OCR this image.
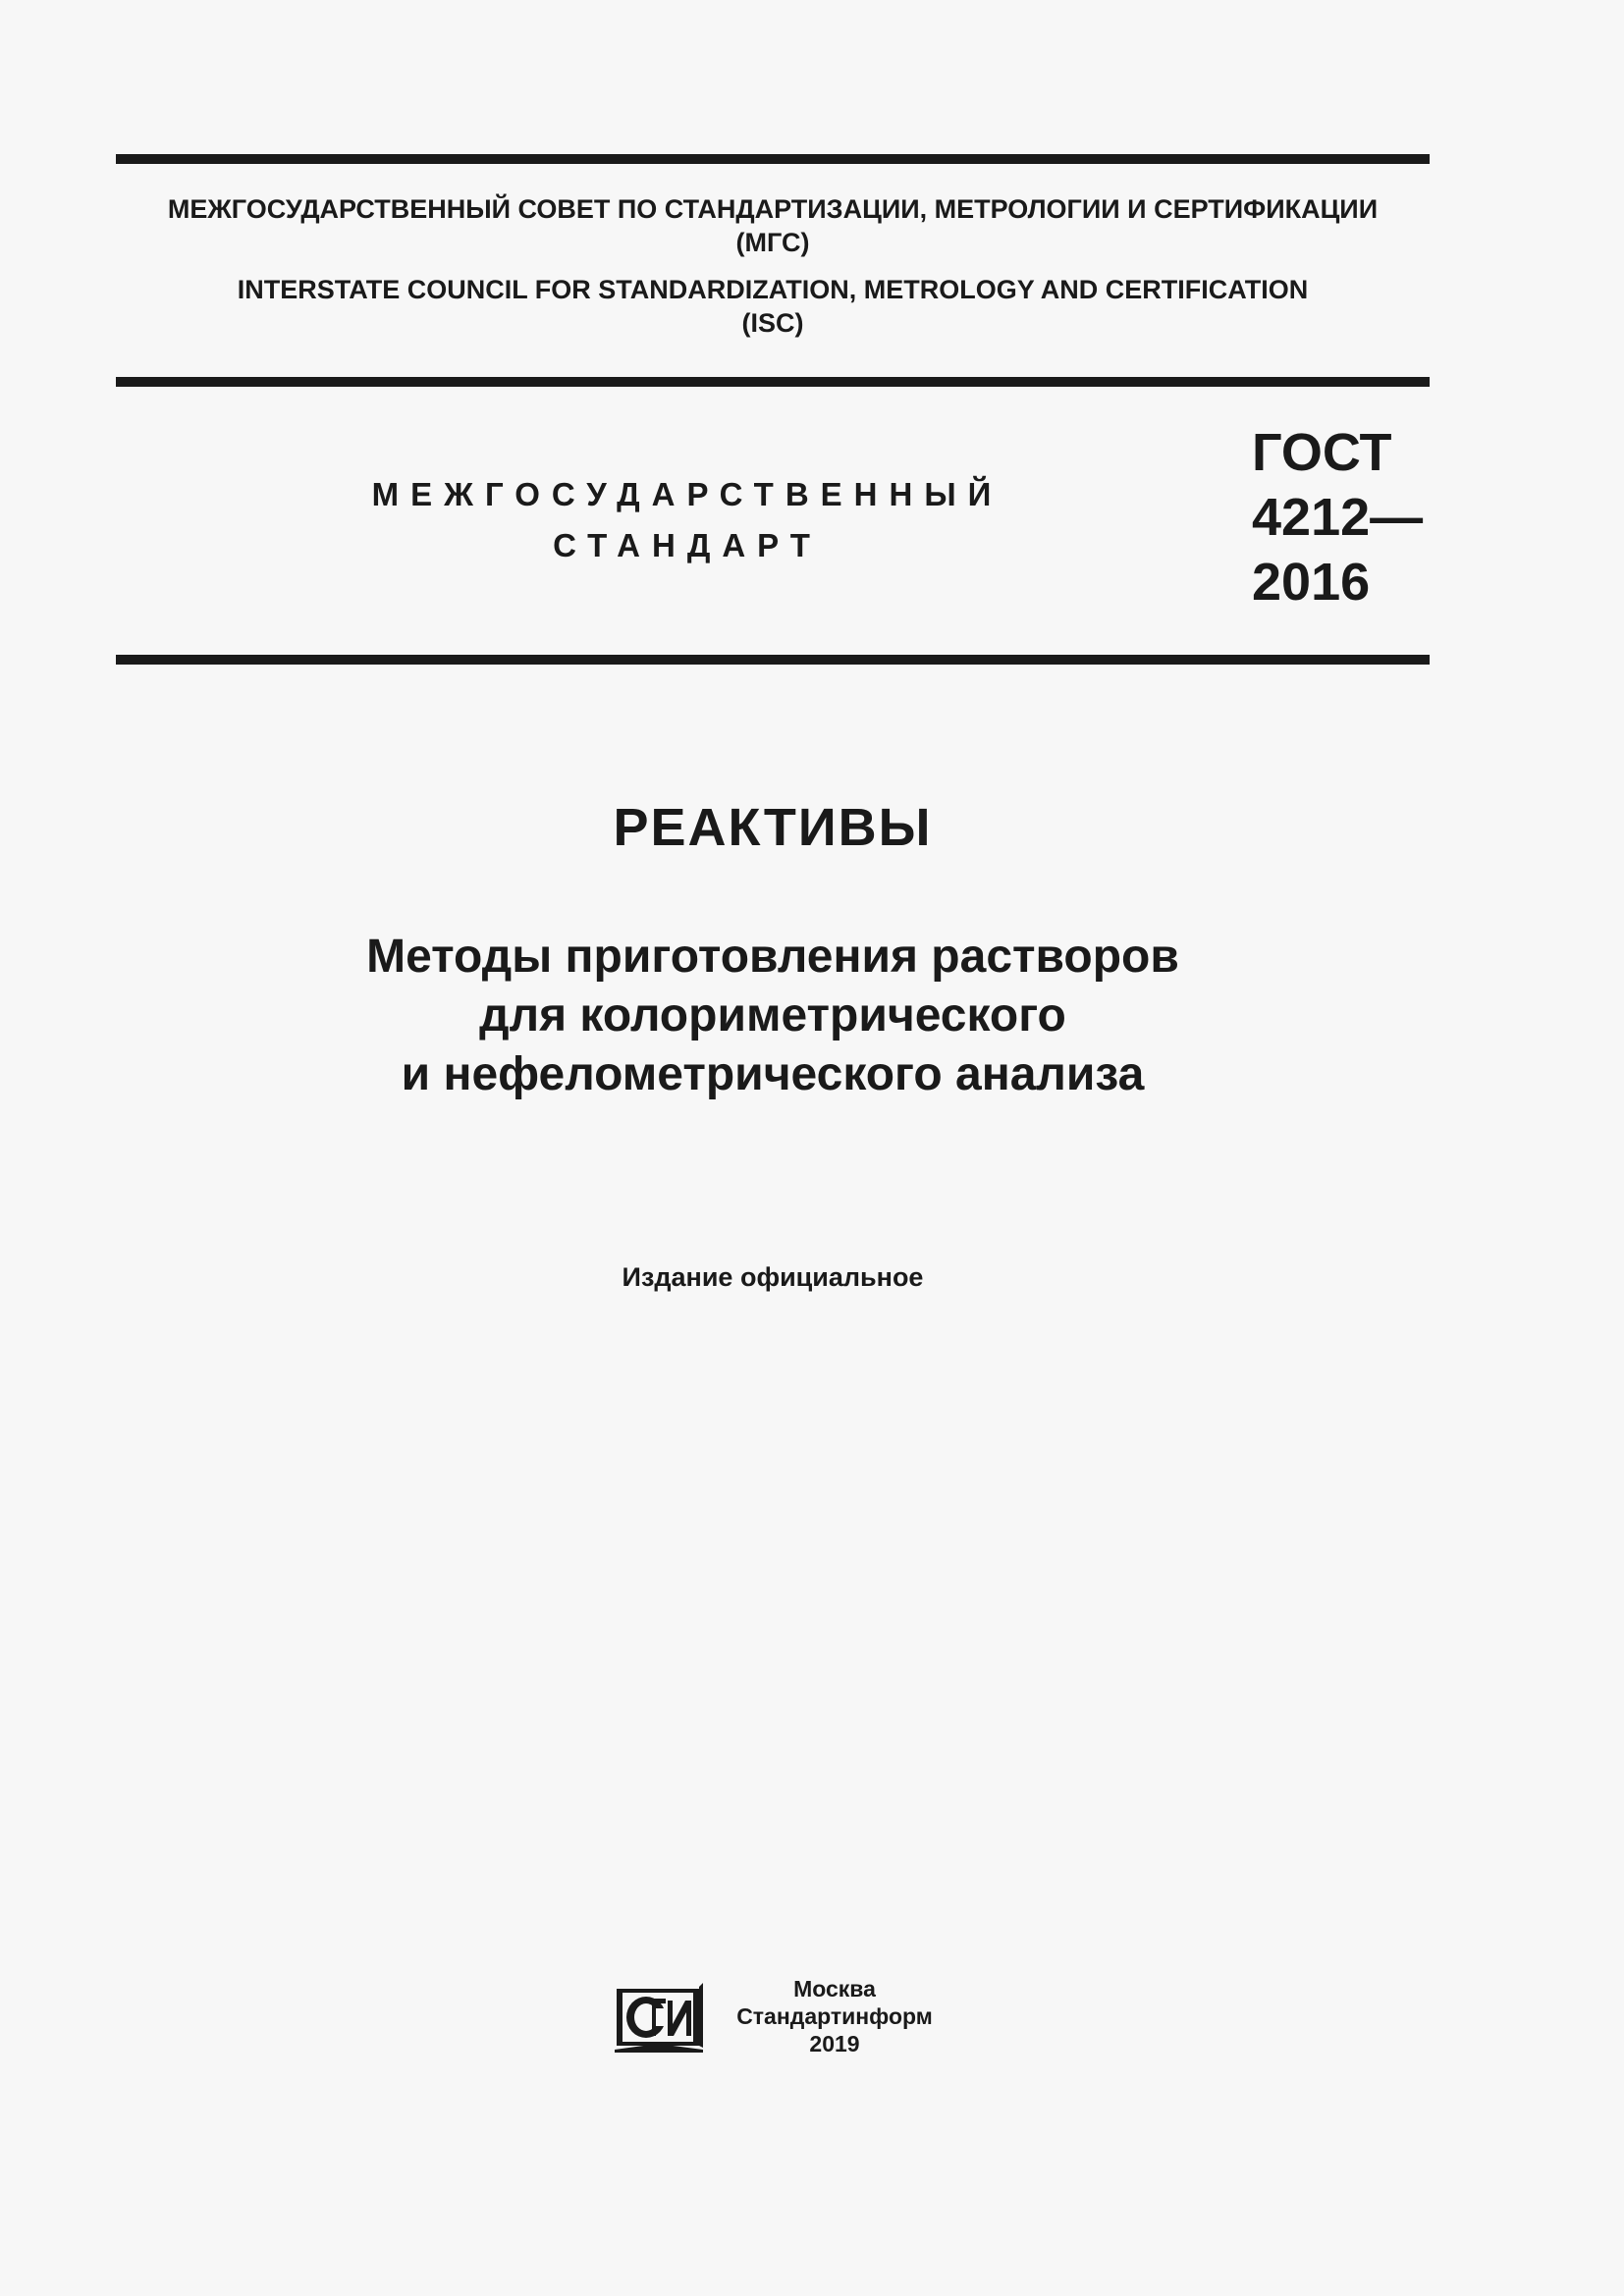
МЕЖГОСУДАРСТВЕННЫЙ СОВЕТ ПО СТАНДАРТИЗАЦИИ, МЕТРОЛОГИИ И СЕРТИФИКАЦИИ
(МГС)
INTERSTATE COUNCIL FOR STANDARDIZATION, METROLOGY AND CERTIFICATION
(ISC)
МЕЖГОСУДАРСТВЕННЫЙ
СТАНДАРТ
ГОСТ
4212—
2016
РЕАКТИВЫ
Методы приготовления растворов
для колориметрического
и нефелометрического анализа
Издание официальное
Москва
Стандартинформ
2019
